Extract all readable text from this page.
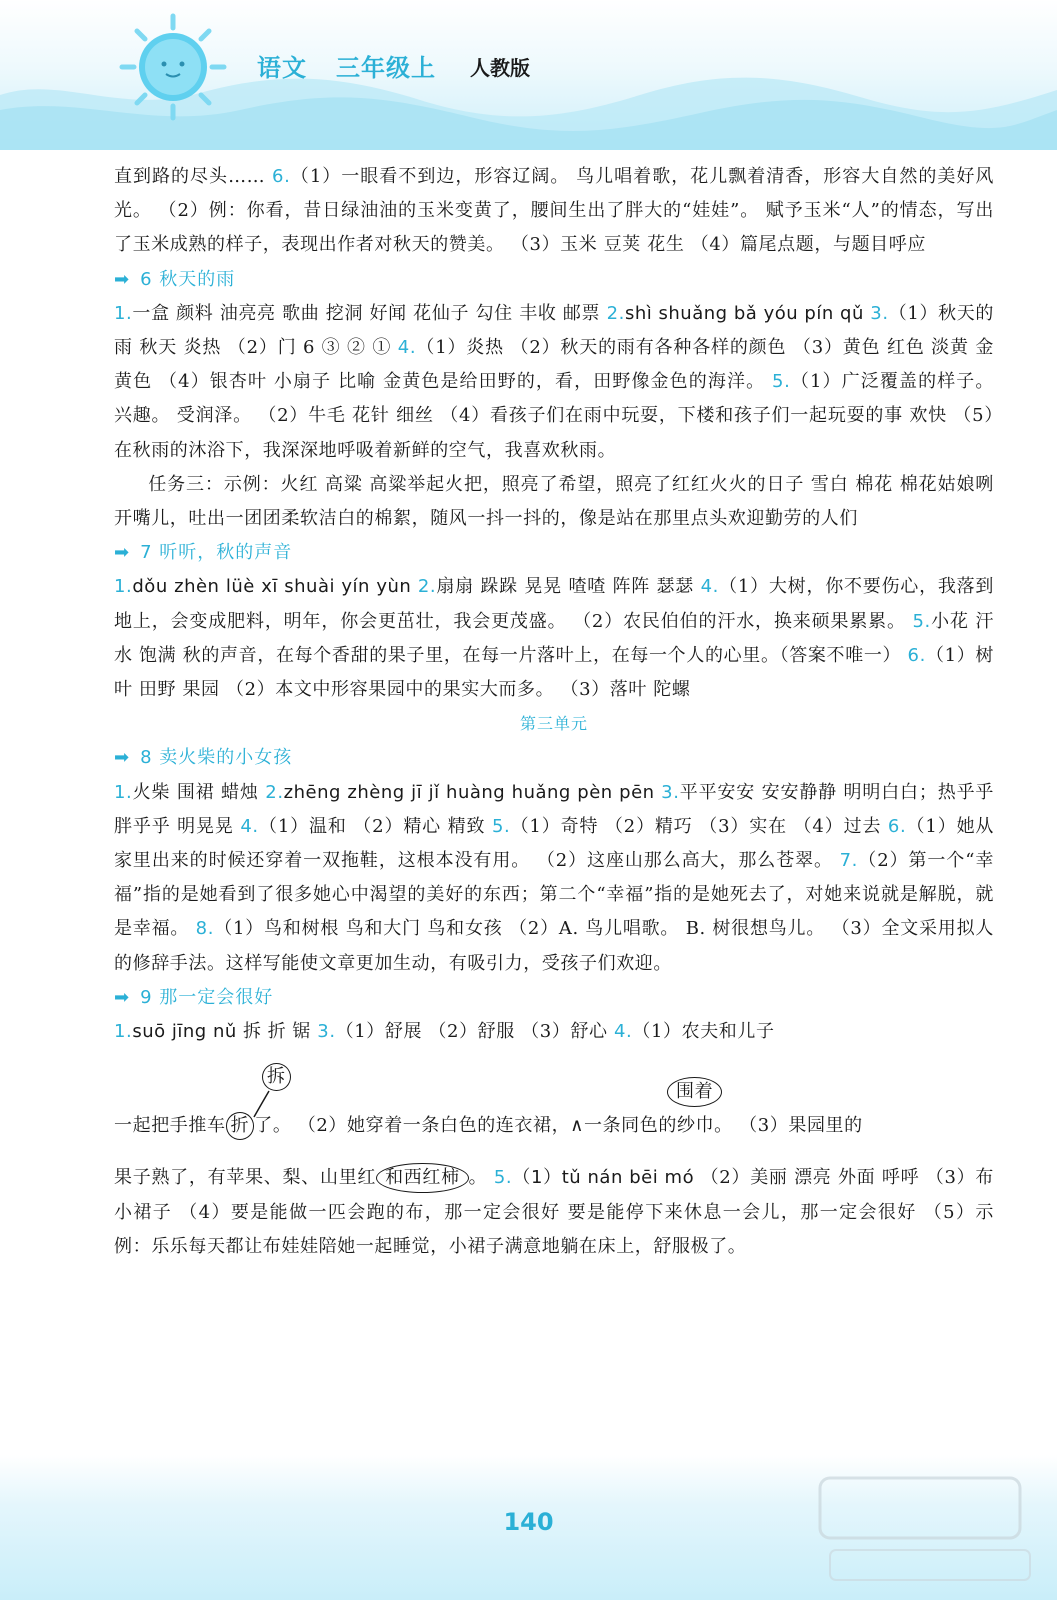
语文 三年级上 人教版

直到路的尽头…… 6.（1）一眼看不到边，形容辽阔。 鸟儿唱着歌，花儿飘着清香，形容大自然的美好风光。 （2）例：你看，昔日绿油油的玉米变黄了，腰间生出了胖大的“娃娃”。 赋予玉米“人”的情态，写出了玉米成熟的样子，表现出作者对秋天的赞美。 （3）玉米 豆荚 花生 （4）篇尾点题，与题目呼应

➡ 6 秋天的雨

1.一盒 颜料 油亮亮 歌曲 挖洞 好闻 花仙子 勾住 丰收 邮票 2.shì shuǎng bǎ yóu pín qǔ 3.（1）秋天的雨 秋天 炎热 （2）门 6 ③ ② ① 4.（1）炎热 （2）秋天的雨有各种各样的颜色 （3）黄色 红色 淡黄 金黄色 （4）银杏叶 小扇子 比喻 金黄色是给田野的，看，田野像金色的海洋。 5.（1）广泛覆盖的样子。 兴趣。 受润泽。 （2）牛毛 花针 细丝 （4）看孩子们在雨中玩耍，下楼和孩子们一起玩耍的事 欢快 （5）在秋雨的沐浴下，我深深地呼吸着新鲜的空气，我喜欢秋雨。

任务三：示例：火红 高粱 高粱举起火把，照亮了希望，照亮了红红火火的日子 雪白 棉花 棉花姑娘咧开嘴儿，吐出一团团柔软洁白的棉絮，随风一抖一抖的，像是站在那里点头欢迎勤劳的人们

➡ 7 听听，秋的声音

1.dǒu zhèn lüè xī shuài yín yùn 2.扇扇 跺跺 晃晃 喳喳 阵阵 瑟瑟 4.（1）大树，你不要伤心，我落到地上，会变成肥料，明年，你会更茁壮，我会更茂盛。 （2）农民伯伯的汗水，换来硕果累累。 5.小花 汗水 饱满 秋的声音，在每个香甜的果子里，在每一片落叶上，在每一个人的心里。（答案不唯一） 6.（1）树叶 田野 果园 （2）本文中形容果园中的果实大而多。 （3）落叶 陀螺

第三单元
➡ 8 卖火柴的小女孩

1.火柴 围裙 蜡烛 2.zhēng zhèng jī jǐ huàng huǎng pèn pēn 3.平平安安 安安静静 明明白白；热乎乎 胖乎乎 明晃晃 4.（1）温和 （2）精心 精致 5.（1）奇特 （2）精巧 （3）实在 （4）过去 6.（1）她从家里出来的时候还穿着一双拖鞋，这根本没有用。 （2）这座山那么高大，那么苍翠。 7.（2）第一个“幸福”指的是她看到了很多她心中渴望的美好的东西；第二个“幸福”指的是她死去了，对她来说就是解脱，就是幸福。 8.（1）鸟和树根 鸟和大门 鸟和女孩 （2）A. 鸟儿唱歌。 B. 树很想鸟儿。 （3）全文采用拟人的修辞手法。这样写能使文章更加生动，有吸引力，受孩子们欢迎。

➡ 9 那一定会很好

1.suō jīng nǔ 拆 折 锯 3.（1）舒展 （2）舒服 （3）舒心 4.（1）农夫和儿子

拆
围着

一起把手推车 折 了。 （2）她穿着一条白色的连衣裙，∧一条同色的纱巾。 （3）果园里的

果子熟了，有苹果、梨、山里红 和西红柿 。 5.（1）tǔ nán bēi mó （2）美丽 漂亮 外面 呼呼 （3）布 小裙子 （4）要是能做一匹会跑的布，那一定会很好 要是能停下来休息一会儿，那一定会很好 （5）示例：乐乐每天都让布娃娃陪她一起睡觉，小裙子满意地躺在床上，舒服极了。

140
